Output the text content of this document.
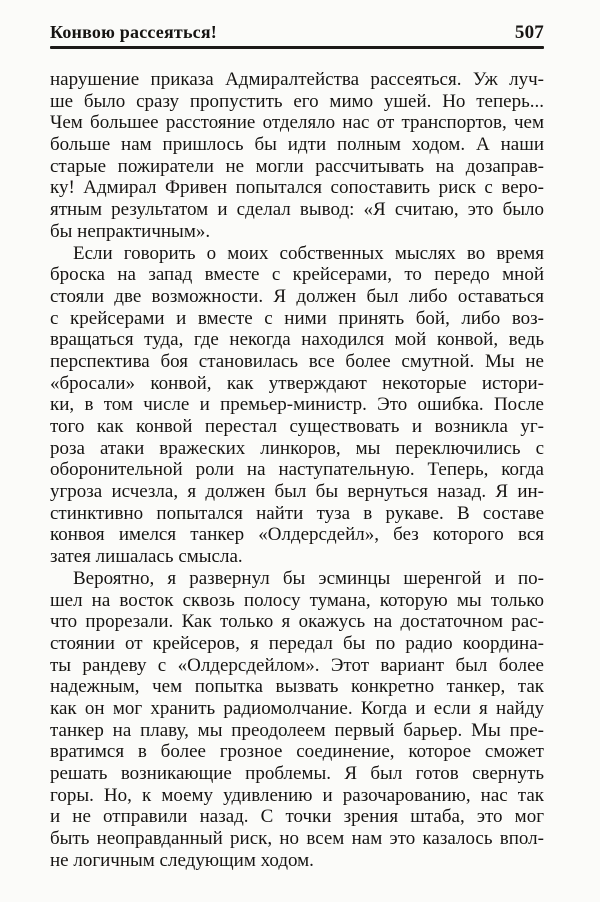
Конвою рассеяться!	507
нарушение приказа Адмиралтейства рассеяться. Уж луч-
ше было сразу пропустить его мимо ушей. Но теперь...
Чем большее расстояние отделяло нас от транспортов, чем
больше нам пришлось бы идти полным ходом. А наши
старые пожиратели не могли рассчитывать на дозаправ-
ку! Адмирал Фривен попытался сопоставить риск с веро-
ятным результатом и сделал вывод: «Я считаю, это было
бы непрактичным».
Если говорить о моих собственных мыслях во время
броска на запад вместе с крейсерами, то передо мной
стояли две возможности. Я должен был либо оставаться
с крейсерами и вместе с ними принять бой, либо воз-
вращаться туда, где некогда находился мой конвой, ведь
перспектива боя становилась все более смутной. Мы не
«бросали» конвой, как утверждают некоторые истори-
ки, в том числе и премьер-министр. Это ошибка. После
того как конвой перестал существовать и возникла уг-
роза атаки вражеских линкоров, мы переключились с
оборонительной роли на наступательную. Теперь, когда
угроза исчезла, я должен был бы вернуться назад. Я ин-
стинктивно попытался найти туза в рукаве. В составе
конвоя имелся танкер «Олдерсдейл», без которого вся
затея лишалась смысла.
Вероятно, я развернул бы эсминцы шеренгой и по-
шел на восток сквозь полосу тумана, которую мы только
что прорезали. Как только я окажусь на достаточном рас-
стоянии от крейсеров, я передал бы по радио координа-
ты рандеву с «Олдерсдейлом». Этот вариант был более
надежным, чем попытка вызвать конкретно танкер, так
как он мог хранить радиомолчание. Когда и если я найду
танкер на плаву, мы преодолеем первый барьер. Мы пре-
вратимся в более грозное соединение, которое сможет
решать возникающие проблемы. Я был готов свернуть
горы. Но, к моему удивлению и разочарованию, нас так
и не отправили назад. С точки зрения штаба, это мог
быть неоправданный риск, но всем нам это казалось впол-
не логичным следующим ходом.
